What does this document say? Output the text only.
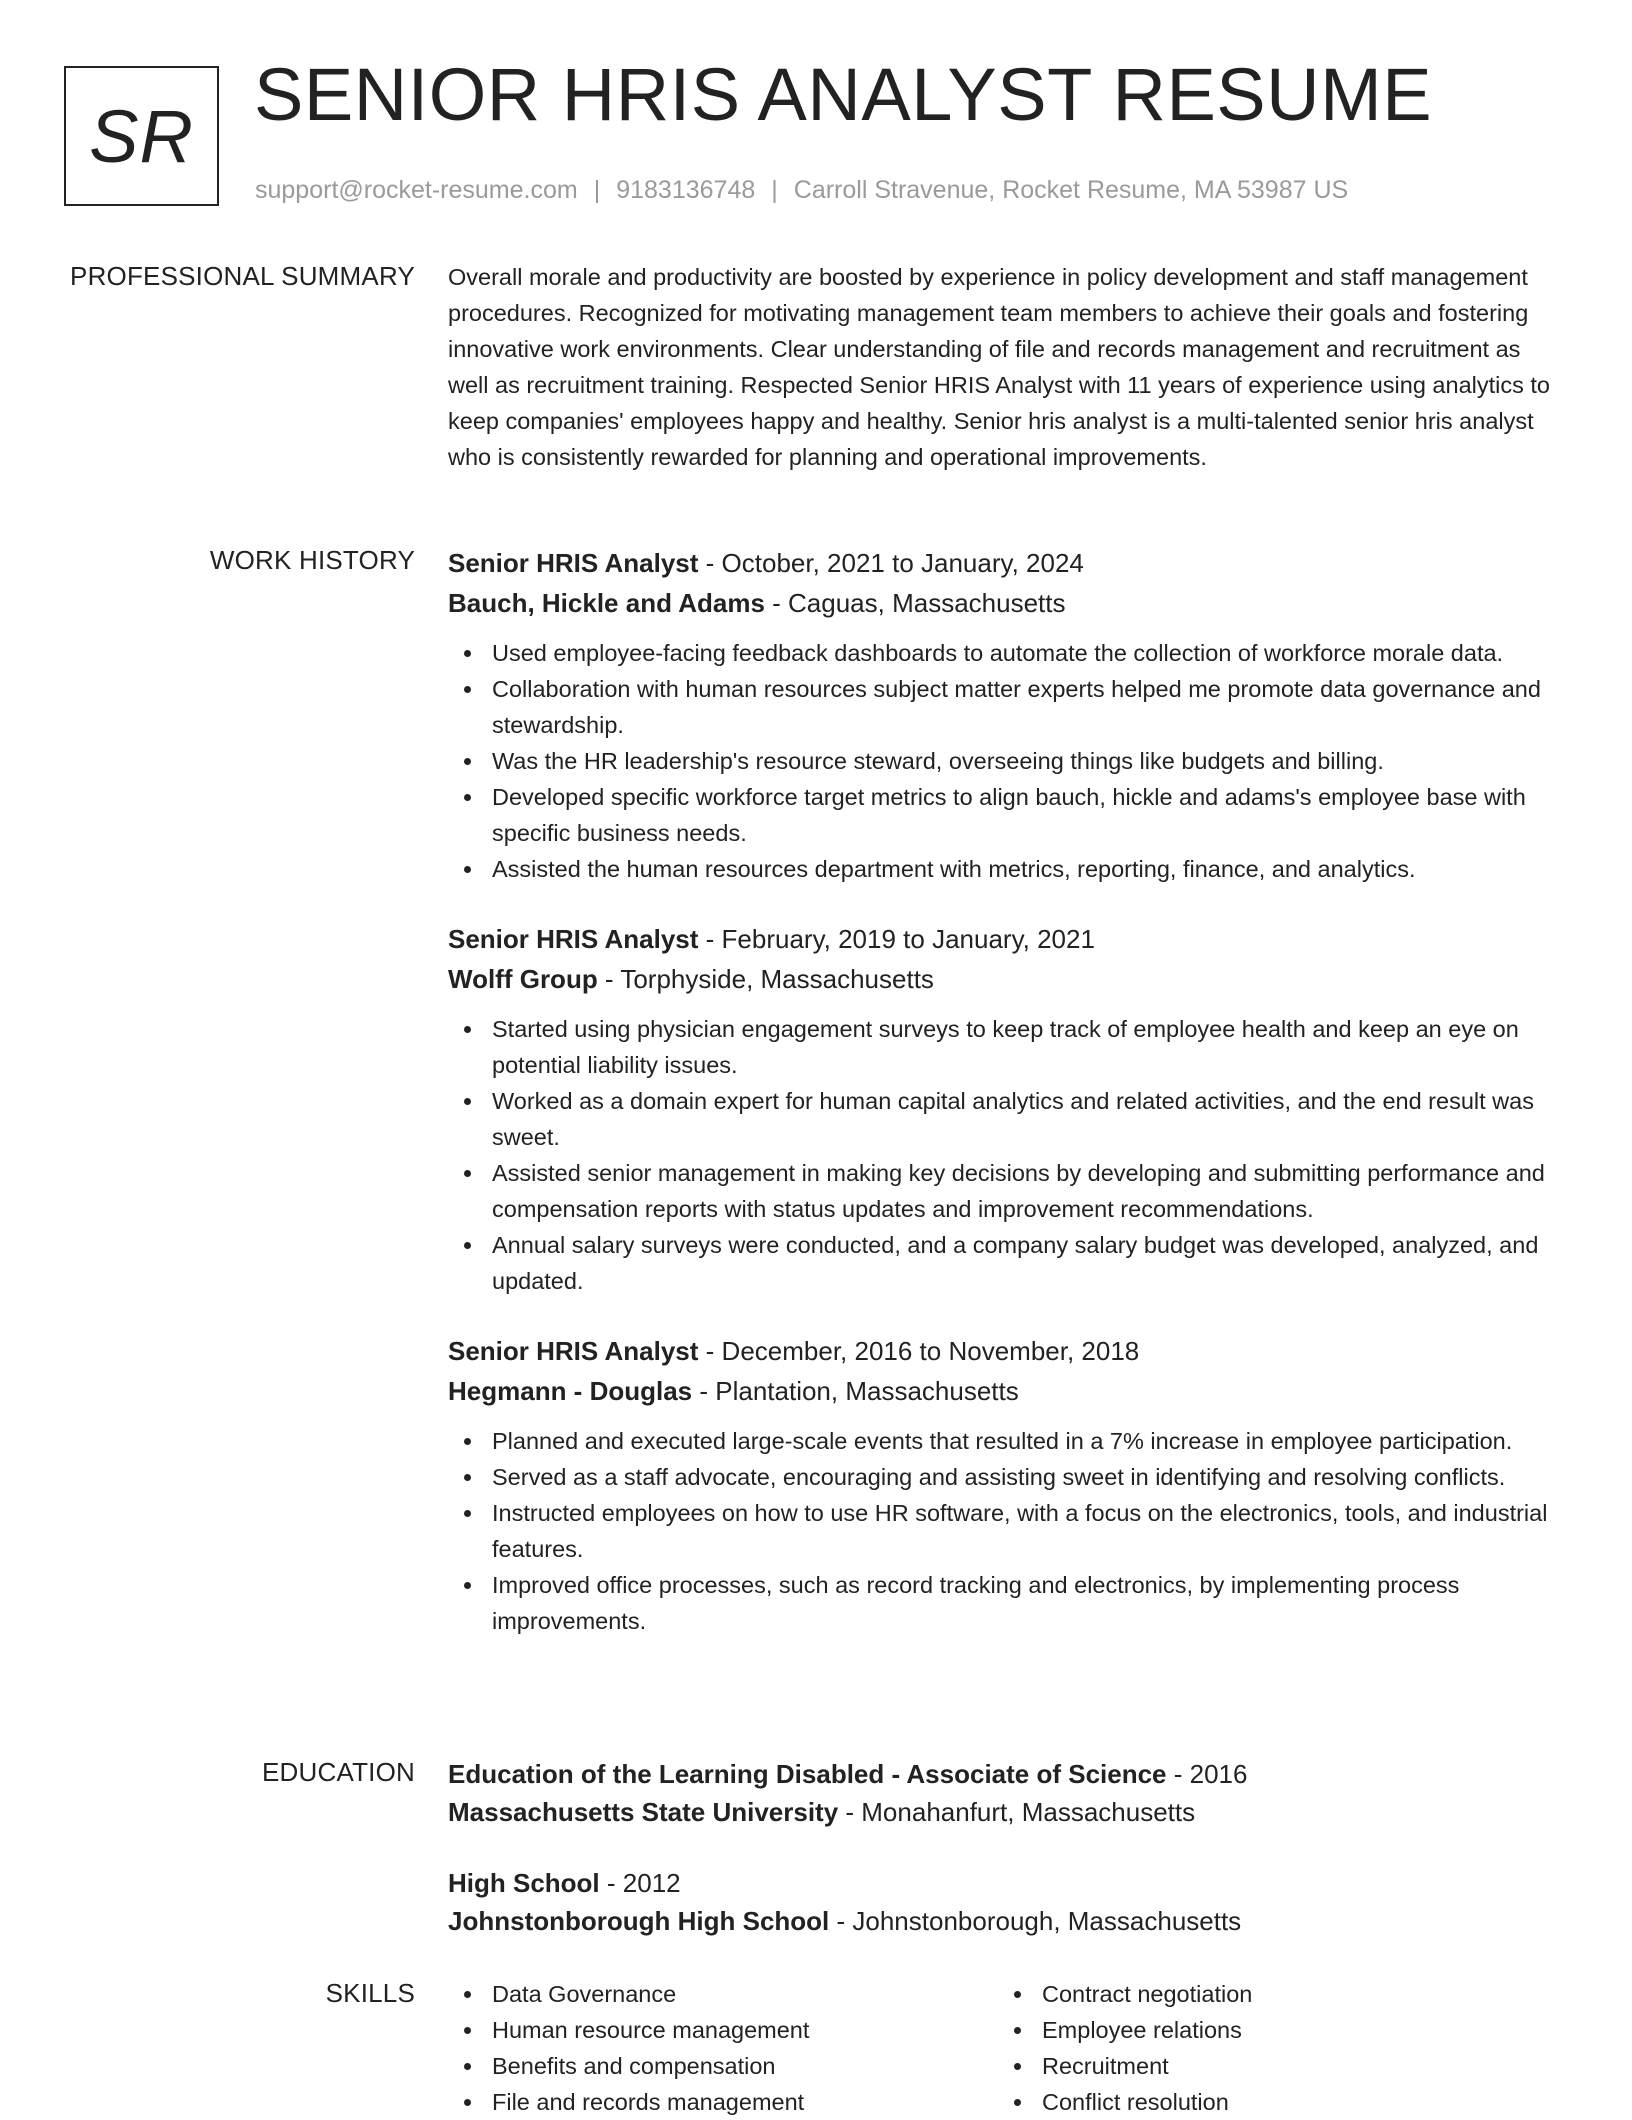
SR SENIOR HRIS ANALYST RESUME
support@rocket-resume.com | 9183136748 | Carroll Stravenue, Rocket Resume, MA 53987 US
PROFESSIONAL SUMMARY Overall morale and productivity are boosted by experience in policy development and staff management procedures. Recognized for motivating management team members to achieve their goals and fostering innovative work environments. Clear understanding of file and records management and recruitment as well as recruitment training. Respected Senior HRIS Analyst with 11 years of experience using analytics to keep companies' employees happy and healthy. Senior hris analyst is a multi-talented senior hris analyst who is consistently rewarded for planning and operational improvements.

WORK HISTORY Senior HRIS Analyst - October, 2021 to January, 2024
Bauch, Hickle and Adams - Caguas, Massachusetts
Used employee-facing feedback dashboards to automate the collection of workforce morale data.
Collaboration with human resources subject matter experts helped me promote data governance and stewardship.
Was the HR leadership's resource steward, overseeing things like budgets and billing.
Developed specific workforce target metrics to align bauch, hickle and adams's employee base with specific business needs.
Assisted the human resources department with metrics, reporting, finance, and analytics.
Senior HRIS Analyst - February, 2019 to January, 2021
Wolff Group - Torphyside, Massachusetts
Started using physician engagement surveys to keep track of employee health and keep an eye on potential liability issues.
Worked as a domain expert for human capital analytics and related activities, and the end result was sweet.
Assisted senior management in making key decisions by developing and submitting performance and compensation reports with status updates and improvement recommendations.
Annual salary surveys were conducted, and a company salary budget was developed, analyzed, and updated.
Senior HRIS Analyst - December, 2016 to November, 2018
Hegmann - Douglas - Plantation, Massachusetts
Planned and executed large-scale events that resulted in a 7% increase in employee participation.
Served as a staff advocate, encouraging and assisting sweet in identifying and resolving conflicts.
Instructed employees on how to use HR software, with a focus on the electronics, tools, and industrial features.
Improved office processes, such as record tracking and electronics, by implementing process improvements.
EDUCATION Education of the Learning Disabled - Associate of Science - 2016
Massachusetts State University - Monahanfurt, Massachusetts
High School - 2012
Johnstonborough High School - Johnstonborough, Massachusetts
SKILLS	Data Governance
Human resource management
Benefits and compensation
File and records management
Contract negotiation
Employee relations
Recruitment
Conflict resolution
